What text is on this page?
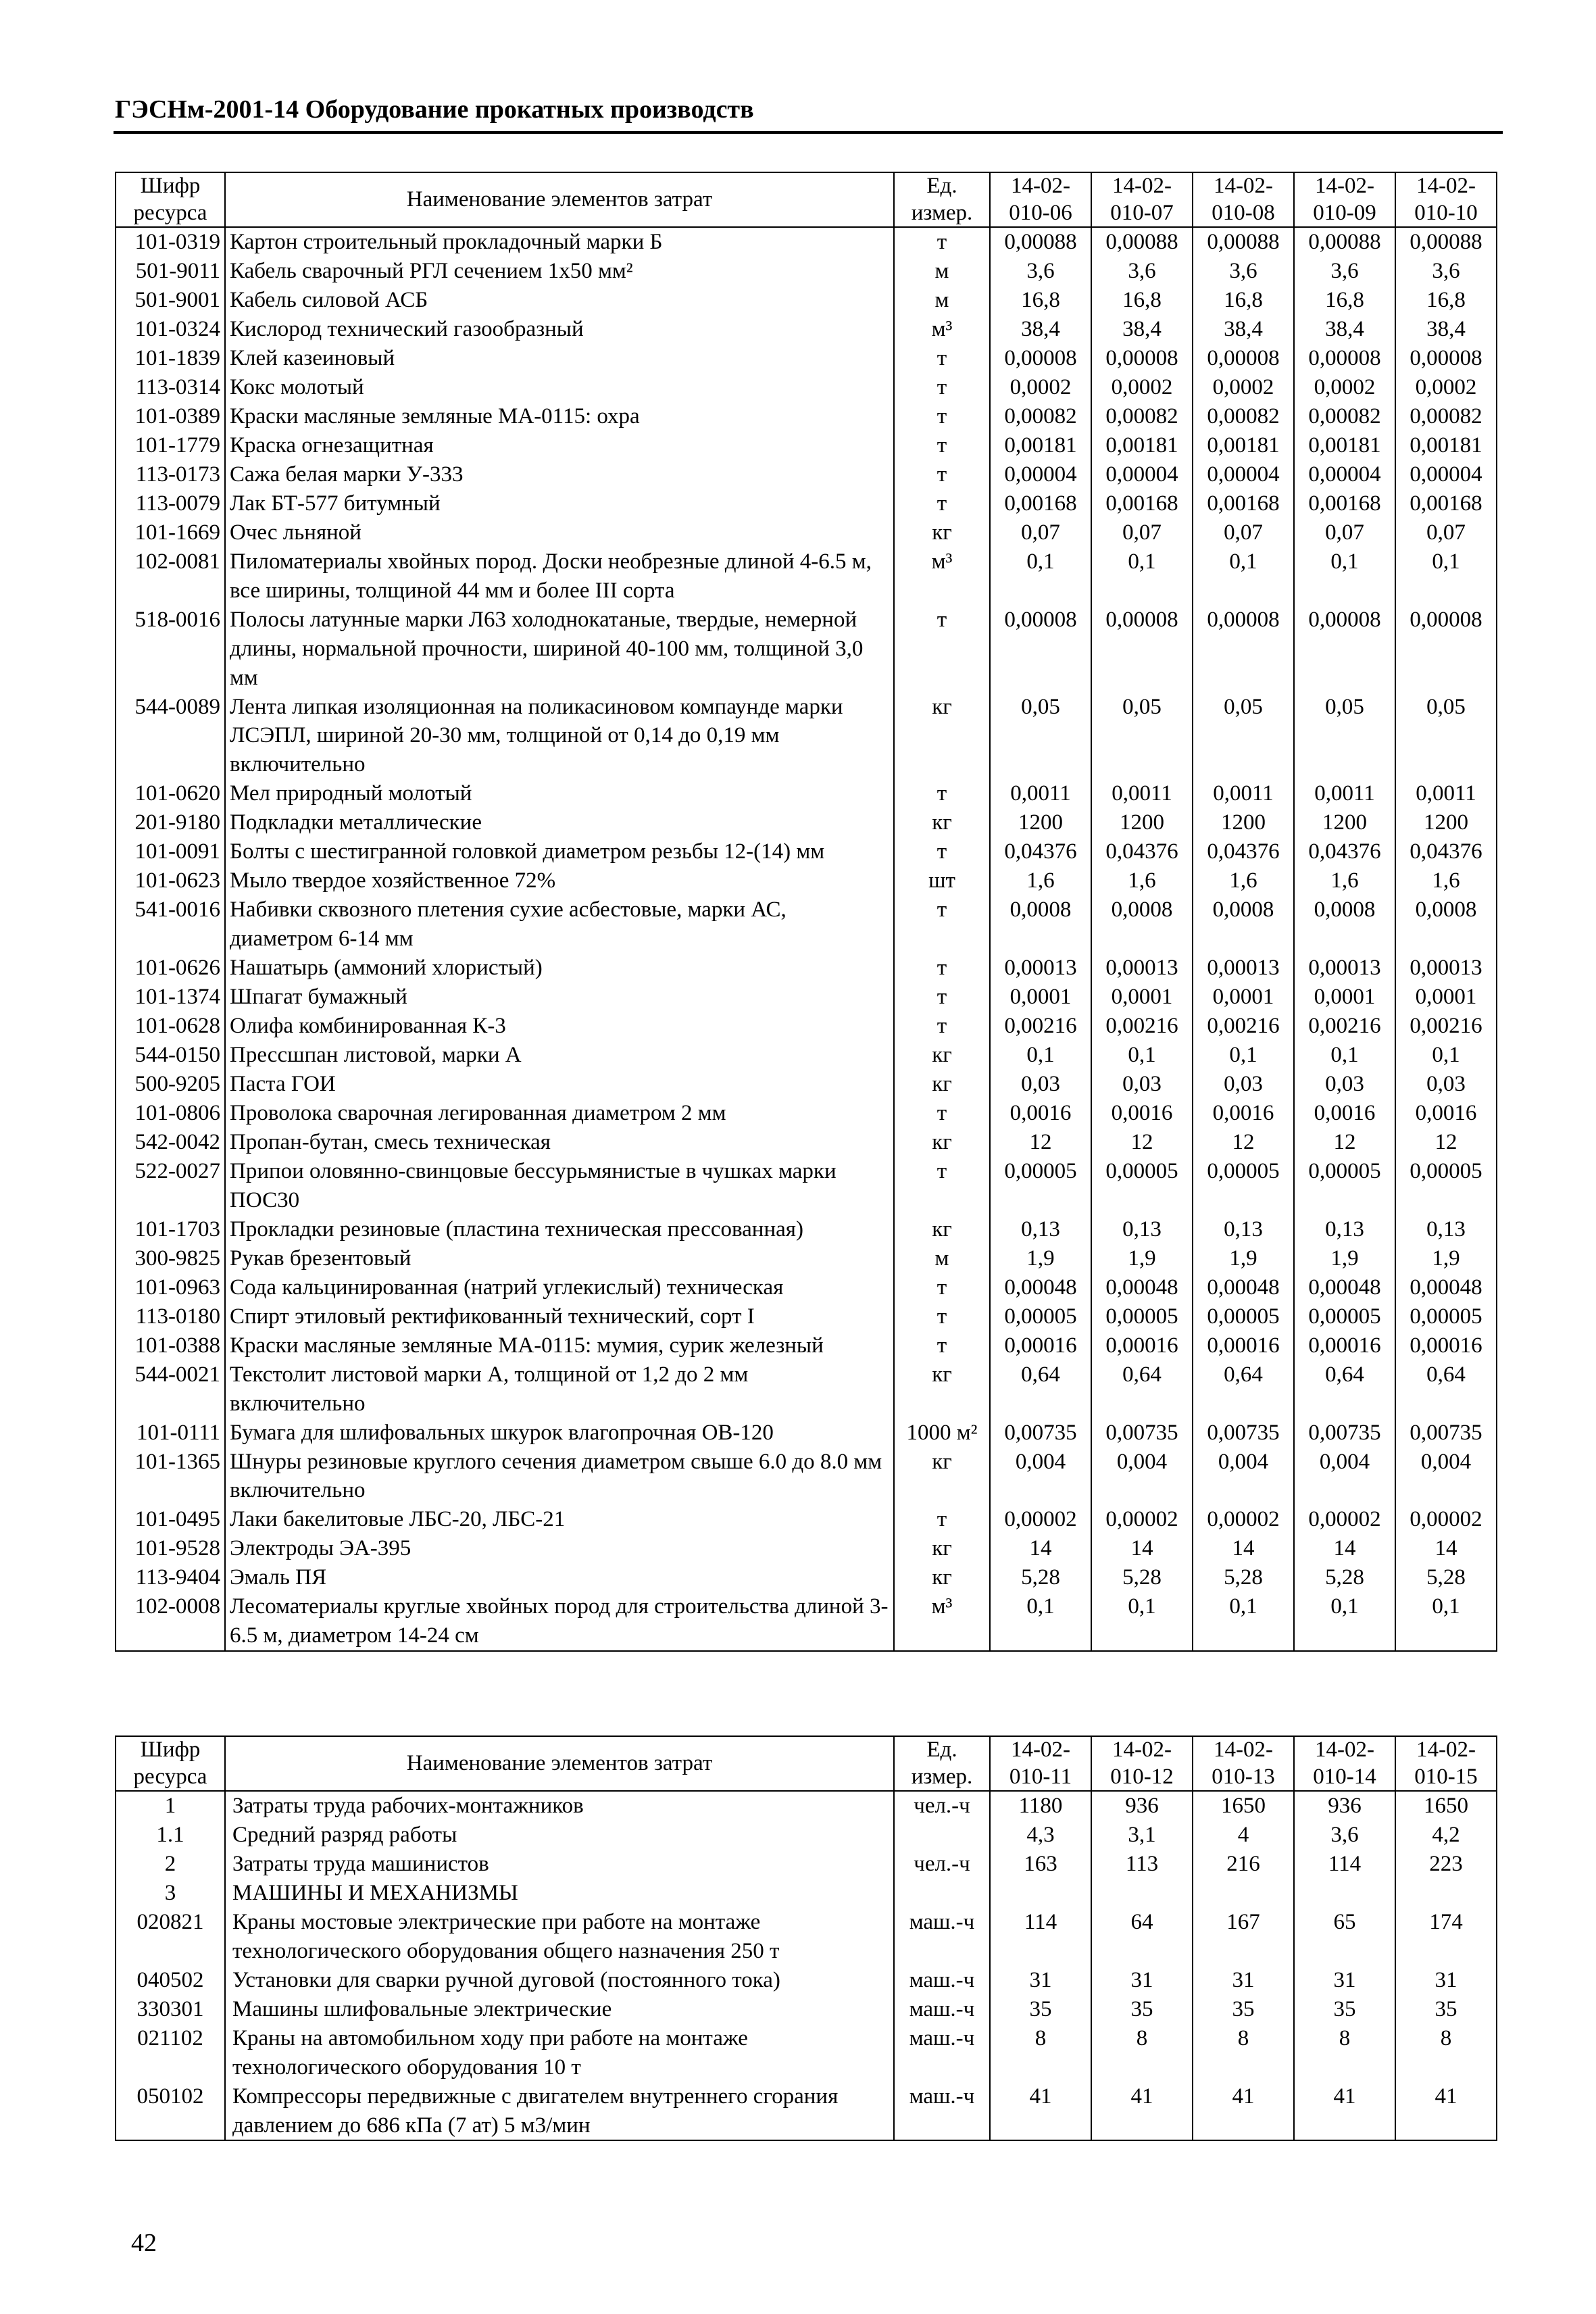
ГЭСНм-2001-14 Оборудование прокатных производств
Шифр ресурса	Наименование элементов затрат	Ед. измер.	14-02-010-06	14-02-010-07	14-02-010-08	14-02-010-09	14-02-010-10
101-0319	Картон строительный прокладочный марки Б	т	0,00088	0,00088	0,00088	0,00088	0,00088
501-9011	Кабель сварочный РГЛ сечением 1х50 мм²	м	3,6	3,6	3,6	3,6	3,6
501-9001	Кабель силовой АСБ	м	16,8	16,8	16,8	16,8	16,8
101-0324	Кислород технический газообразный	м³	38,4	38,4	38,4	38,4	38,4
101-1839	Клей казеиновый	т	0,00008	0,00008	0,00008	0,00008	0,00008
113-0314	Кокс молотый	т	0,0002	0,0002	0,0002	0,0002	0,0002
101-0389	Краски масляные земляные МА-0115: охра	т	0,00082	0,00082	0,00082	0,00082	0,00082
101-1779	Краска огнезащитная	т	0,00181	0,00181	0,00181	0,00181	0,00181
113-0173	Сажа белая марки У-333	т	0,00004	0,00004	0,00004	0,00004	0,00004
113-0079	Лак БТ-577 битумный	т	0,00168	0,00168	0,00168	0,00168	0,00168
101-1669	Очес льняной	кг	0,07	0,07	0,07	0,07	0,07
102-0081	Пиломатериалы хвойных пород. Доски необрезные длиной 4-6.5 м, все ширины, толщиной 44 мм и более III сорта	м³	0,1	0,1	0,1	0,1	0,1
518-0016	Полосы латунные марки Л63 холоднокатаные, твердые, немерной длины, нормальной прочности, шириной 40-100 мм, толщиной 3,0 мм	т	0,00008	0,00008	0,00008	0,00008	0,00008
544-0089	Лента липкая изоляционная на поликасиновом компаунде марки ЛСЭПЛ, шириной 20-30 мм, толщиной от 0,14 до 0,19 мм включительно	кг	0,05	0,05	0,05	0,05	0,05
101-0620	Мел природный молотый	т	0,0011	0,0011	0,0011	0,0011	0,0011
201-9180	Подкладки металлические	кг	1200	1200	1200	1200	1200
101-0091	Болты с шестигранной головкой диаметром резьбы 12-(14) мм	т	0,04376	0,04376	0,04376	0,04376	0,04376
101-0623	Мыло твердое хозяйственное 72%	шт	1,6	1,6	1,6	1,6	1,6
541-0016	Набивки сквозного плетения сухие асбестовые, марки АС, диаметром 6-14 мм	т	0,0008	0,0008	0,0008	0,0008	0,0008
101-0626	Нашатырь (аммоний хлористый)	т	0,00013	0,00013	0,00013	0,00013	0,00013
101-1374	Шпагат бумажный	т	0,0001	0,0001	0,0001	0,0001	0,0001
101-0628	Олифа комбинированная К-3	т	0,00216	0,00216	0,00216	0,00216	0,00216
544-0150	Прессшпан листовой, марки А	кг	0,1	0,1	0,1	0,1	0,1
500-9205	Паста ГОИ	кг	0,03	0,03	0,03	0,03	0,03
101-0806	Проволока сварочная легированная диаметром 2 мм	т	0,0016	0,0016	0,0016	0,0016	0,0016
542-0042	Пропан-бутан, смесь техническая	кг	12	12	12	12	12
522-0027	Припои оловянно-свинцовые бессурьмянистые в чушках марки ПОС30	т	0,00005	0,00005	0,00005	0,00005	0,00005
101-1703	Прокладки резиновые (пластина техническая прессованная)	кг	0,13	0,13	0,13	0,13	0,13
300-9825	Рукав брезентовый	м	1,9	1,9	1,9	1,9	1,9
101-0963	Сода кальцинированная (натрий углекислый) техническая	т	0,00048	0,00048	0,00048	0,00048	0,00048
113-0180	Спирт этиловый ректификованный технический, сорт I	т	0,00005	0,00005	0,00005	0,00005	0,00005
101-0388	Краски масляные земляные МА-0115: мумия, сурик железный	т	0,00016	0,00016	0,00016	0,00016	0,00016
544-0021	Текстолит листовой марки А, толщиной от 1,2 до 2 мм включительно	кг	0,64	0,64	0,64	0,64	0,64
101-0111	Бумага для шлифовальных шкурок влагопрочная ОВ-120	1000 м²	0,00735	0,00735	0,00735	0,00735	0,00735
101-1365	Шнуры резиновые круглого сечения диаметром свыше 6.0 до 8.0 мм включительно	кг	0,004	0,004	0,004	0,004	0,004
101-0495	Лаки бакелитовые ЛБС-20, ЛБС-21	т	0,00002	0,00002	0,00002	0,00002	0,00002
101-9528	Электроды ЭА-395	кг	14	14	14	14	14
113-9404	Эмаль ПЯ	кг	5,28	5,28	5,28	5,28	5,28
102-0008	Лесоматериалы круглые хвойных пород для строительства длиной 3-6.5 м, диаметром 14-24 см	м³	0,1	0,1	0,1	0,1	0,1
Шифр ресурса	Наименование элементов затрат	Ед. измер.	14-02-010-11	14-02-010-12	14-02-010-13	14-02-010-14	14-02-010-15
1	Затраты труда рабочих-монтажников	чел.-ч	1180	936	1650	936	1650
1.1	Средний разряд работы		4,3	3,1	4	3,6	4,2
2	Затраты труда машинистов	чел.-ч	163	113	216	114	223
3	МАШИНЫ И МЕХАНИЗМЫ						
020821	Краны мостовые электрические при работе на монтаже технологического оборудования общего назначения 250 т	маш.-ч	114	64	167	65	174
040502	Установки для сварки ручной дуговой (постоянного тока)	маш.-ч	31	31	31	31	31
330301	Машины шлифовальные электрические	маш.-ч	35	35	35	35	35
021102	Краны на автомобильном ходу при работе на монтаже технологического оборудования 10 т	маш.-ч	8	8	8	8	8
050102	Компрессоры передвижные с двигателем внутреннего сгорания давлением до 686 кПа (7 ат) 5 м3/мин	маш.-ч	41	41	41	41	41
42
